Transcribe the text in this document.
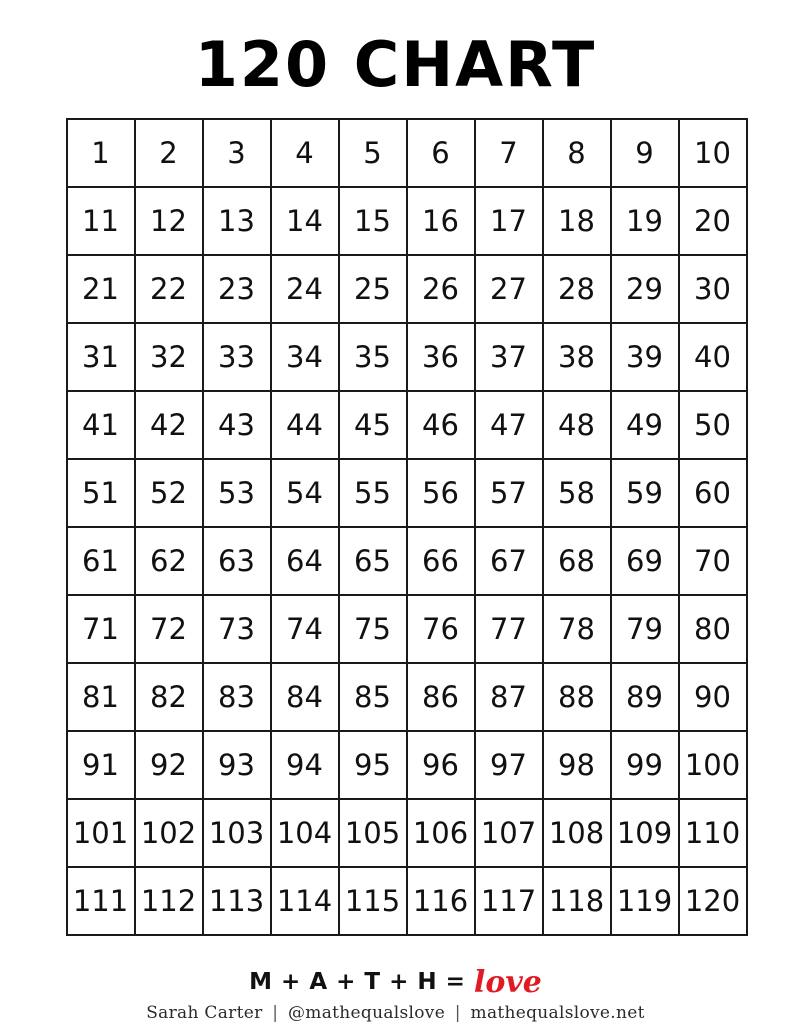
120 CHART
1	2	3	4	5	6	7	8	9	10
11	12	13	14	15	16	17	18	19	20
21	22	23	24	25	26	27	28	29	30
31	32	33	34	35	36	37	38	39	40
41	42	43	44	45	46	47	48	49	50
51	52	53	54	55	56	57	58	59	60
61	62	63	64	65	66	67	68	69	70
71	72	73	74	75	76	77	78	79	80
81	82	83	84	85	86	87	88	89	90
91	92	93	94	95	96	97	98	99	100
101	102	103	104	105	106	107	108	109	110
111	112	113	114	115	116	117	118	119	120
M + A + T + H = love
Sarah Carter | @mathequalslove | mathequalslove.net
